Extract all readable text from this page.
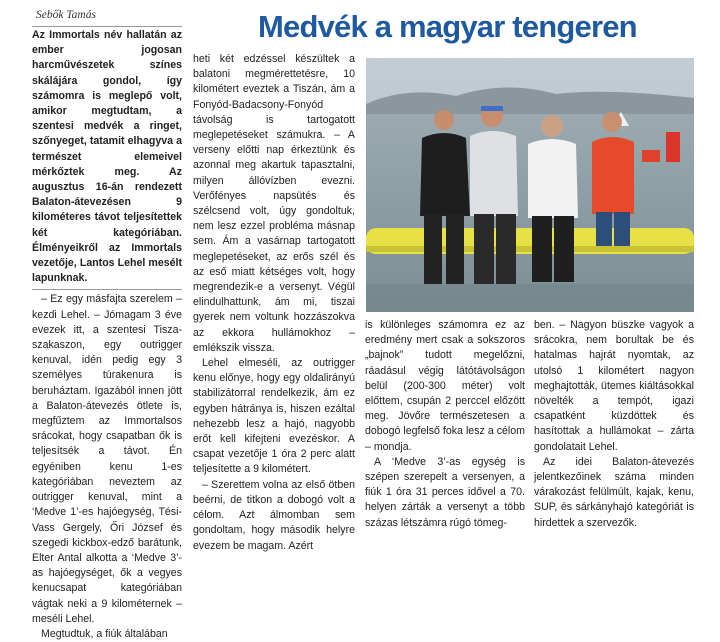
Sebők Tamás	Medvék a magyar tengeren

Az Immortals név hallatán az ember jogosan harcművészetek színes skálájára gondol, így számomra is meglepő volt, amikor megtudtam, a szentesi medvék a ringet, szőnyeget, tatamit elhagyva a természet elemeivel mérkőztek meg. Az augusztus 16-án rendezett Balaton-átevezésen 9 kilométeres távot teljesítettek két kategóriában. Élményeikről az Immortals vezetője, Lantos Lehel mesélt lapunknak.

– Ez egy másfajta szerelem – kezdi Lehel. – Jómagam 3 éve evezek itt, a szentesi Tisza-szakaszon, egy outrigger kenuval, idén pedig egy 3 személyes túrakenura is beruháztam. Igazából innen jött a Balaton-átevezés ötlete is, megfűztem az Immortalsos srácokat, hogy csapatban ők is teljesítsék a távot. Én egyéniben kenu 1-es kategóriában neveztem az outrigger kenuval, mint a ‘Medve 1’-es hajóegység, Tési-Vass Gergely, Őri József és szegedi kickbox-edző barátunk, Elter Antal alkotta a ‘Medve 3’-as hajóegységet, ők a vegyes kenucsapat kategóriában vágtak neki a 9 kilométernek – meséli Lehel.

Megtudtuk, a fiúk általában

heti két edzéssel készültek a balatoni megmérettetésre, 10 kilométert eveztek a Tiszán, ám a Fonyód-Badacsony-Fonyód távolság is tartogatott meglepetéseket számukra. – A verseny előtti nap érkeztünk és azonnal meg akartuk tapasztalni, milyen állóvízben evezni. Verőfényes napsütés és szélcsend volt, úgy gondoltuk, nem lesz ezzel probléma másnap sem. Ám a vasárnap tartogatott meglepetéseket, az erős szél és az eső miatt kétséges volt, hogy megrendezik-e a versenyt. Végül elindulhattunk, ám mi, tiszai gyerek nem voltunk hozzászokva az ekkora hullámokhoz – emlékszik vissza.

Lehel elmeséli, az outrigger kenu előnye, hogy egy oldalirányú stabilizátorral rendelkezik, ám ez egyben hátránya is, hiszen ezáltal nehezebb lesz a hajó, nagyobb erőt kell kifejteni evezéskor. A csapat vezetője 1 óra 2 perc alatt teljesítette a 9 kilométert.

– Szerettem volna az első ötben beérni, de titkon a dobogó volt a célom. Azt álmomban sem gondoltam, hogy második helyre evezem be magam. Azért

is különleges számomra ez az eredmény mert csak a sokszoros „bajnok” tudott megelőzni, ráadásul végig látótávolságon belül (200-300 méter) volt előttem, csupán 2 perccel előzött meg. Jövőre természetesen a dobogó legfelső foka lesz a célom – mondja.

A ‘Medve 3’-as egység is szépen szerepelt a versenyen, a fiúk 1 óra 31 perces idővel a 70. helyen zárták a versenyt a több százas létszámra rúgó tömeg-

ben. – Nagyon büszke vagyok a srácokra, nem borultak be és hatalmas hajrát nyomtak, az utolsó 1 kilométert nagyon meghajtották, ütemes kiáltásokkal növelték a tempót, igazi csapatként küzdöttek és hasítottak a hullámokat – zárta gondolatait Lehel.

Az idei Balaton-átevezés jelentkezőinek száma minden várakozást felülmúlt, kajak, kenu, SUP, és sárkányhajó kategóriát is hirdettek a szervezők.
